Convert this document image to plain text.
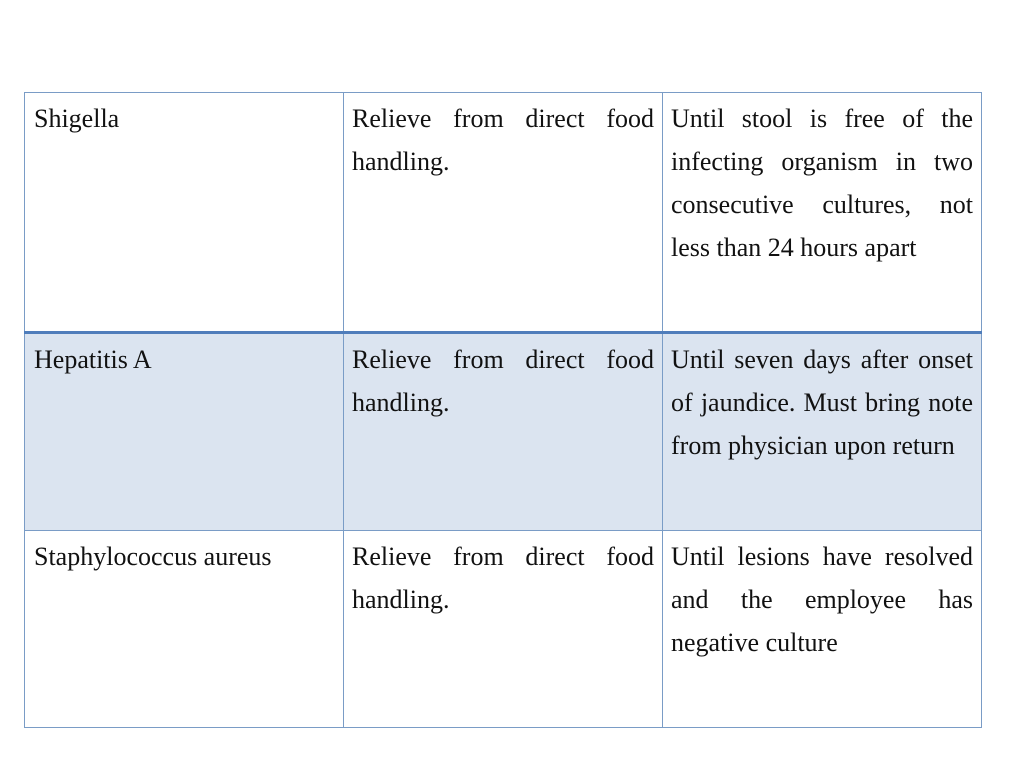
Shigella	Relieve from direct food handling.	Until stool is free of the infecting organism in two consecutive cultures, not less than 24 hours apart
Hepatitis A	Relieve from direct food handling.	Until seven days after onset of jaundice. Must bring note from physician upon return
Staphylococcus aureus	Relieve from direct food handling.	Until lesions have resolved and the employee has negative culture
